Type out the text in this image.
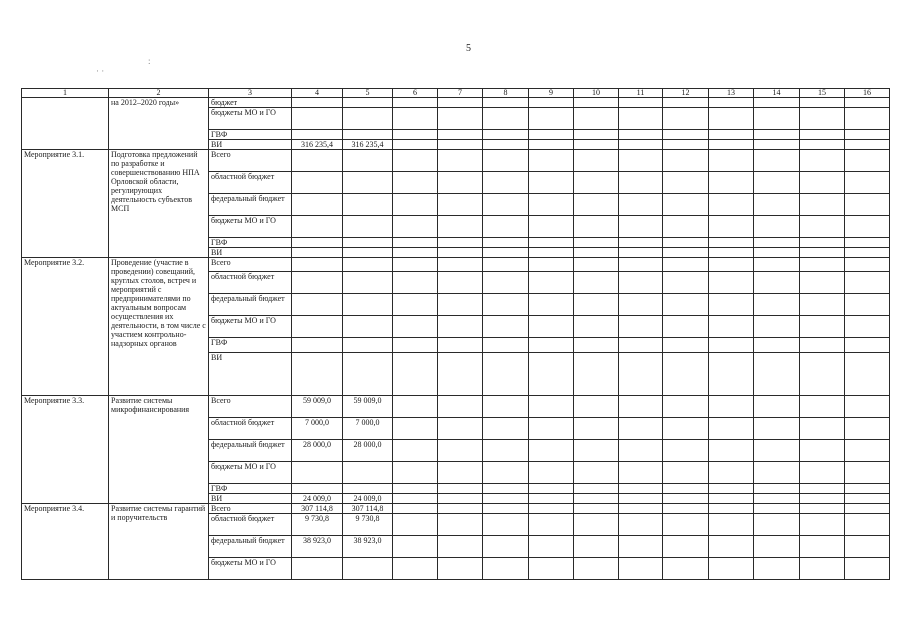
5
:
· ·
1	2	3	4	5	6	7	8	9	10	11	12	13	14	15	16
	на 2012–2020 годы»	бюджет													
		бюджеты МО и ГО													
		ГВФ													
		ВИ	316 235,4	316 235,4											
Мероприятие 3.1.	Подготовка предложений по разработке и совершенствованию НПА Орловской области, регулирующих деятельность субъектов МСП	Всего													
		областной бюджет													
		федеральный бюджет													
		бюджеты МО и ГО													
		ГВФ													
		ВИ													
Мероприятие 3.2.	Проведение (участие в проведении) совещаний, круглых столов, встреч и мероприятий с предпринимателями по актуальным вопросам осуществления их деятельности, в том числе с участием контрольно-надзорных органов	Всего													
		областной бюджет													
		федеральный бюджет													
		бюджеты МО и ГО													
		ГВФ													
		ВИ													
Мероприятие 3.3.	Развитие системы микрофинансирования	Всего	59 009,0	59 009,0											
		областной бюджет	7 000,0	7 000,0											
		федеральный бюджет	28 000,0	28 000,0											
		бюджеты МО и ГО													
		ГВФ													
		ВИ	24 009,0	24 009,0											
Мероприятие 3.4.	Развитие системы гарантий и поручительств	Всего	307 114,8	307 114,8											
		областной бюджет	9 730,8	9 730,8											
		федеральный бюджет	38 923,0	38 923,0											
		бюджеты МО и ГО													
